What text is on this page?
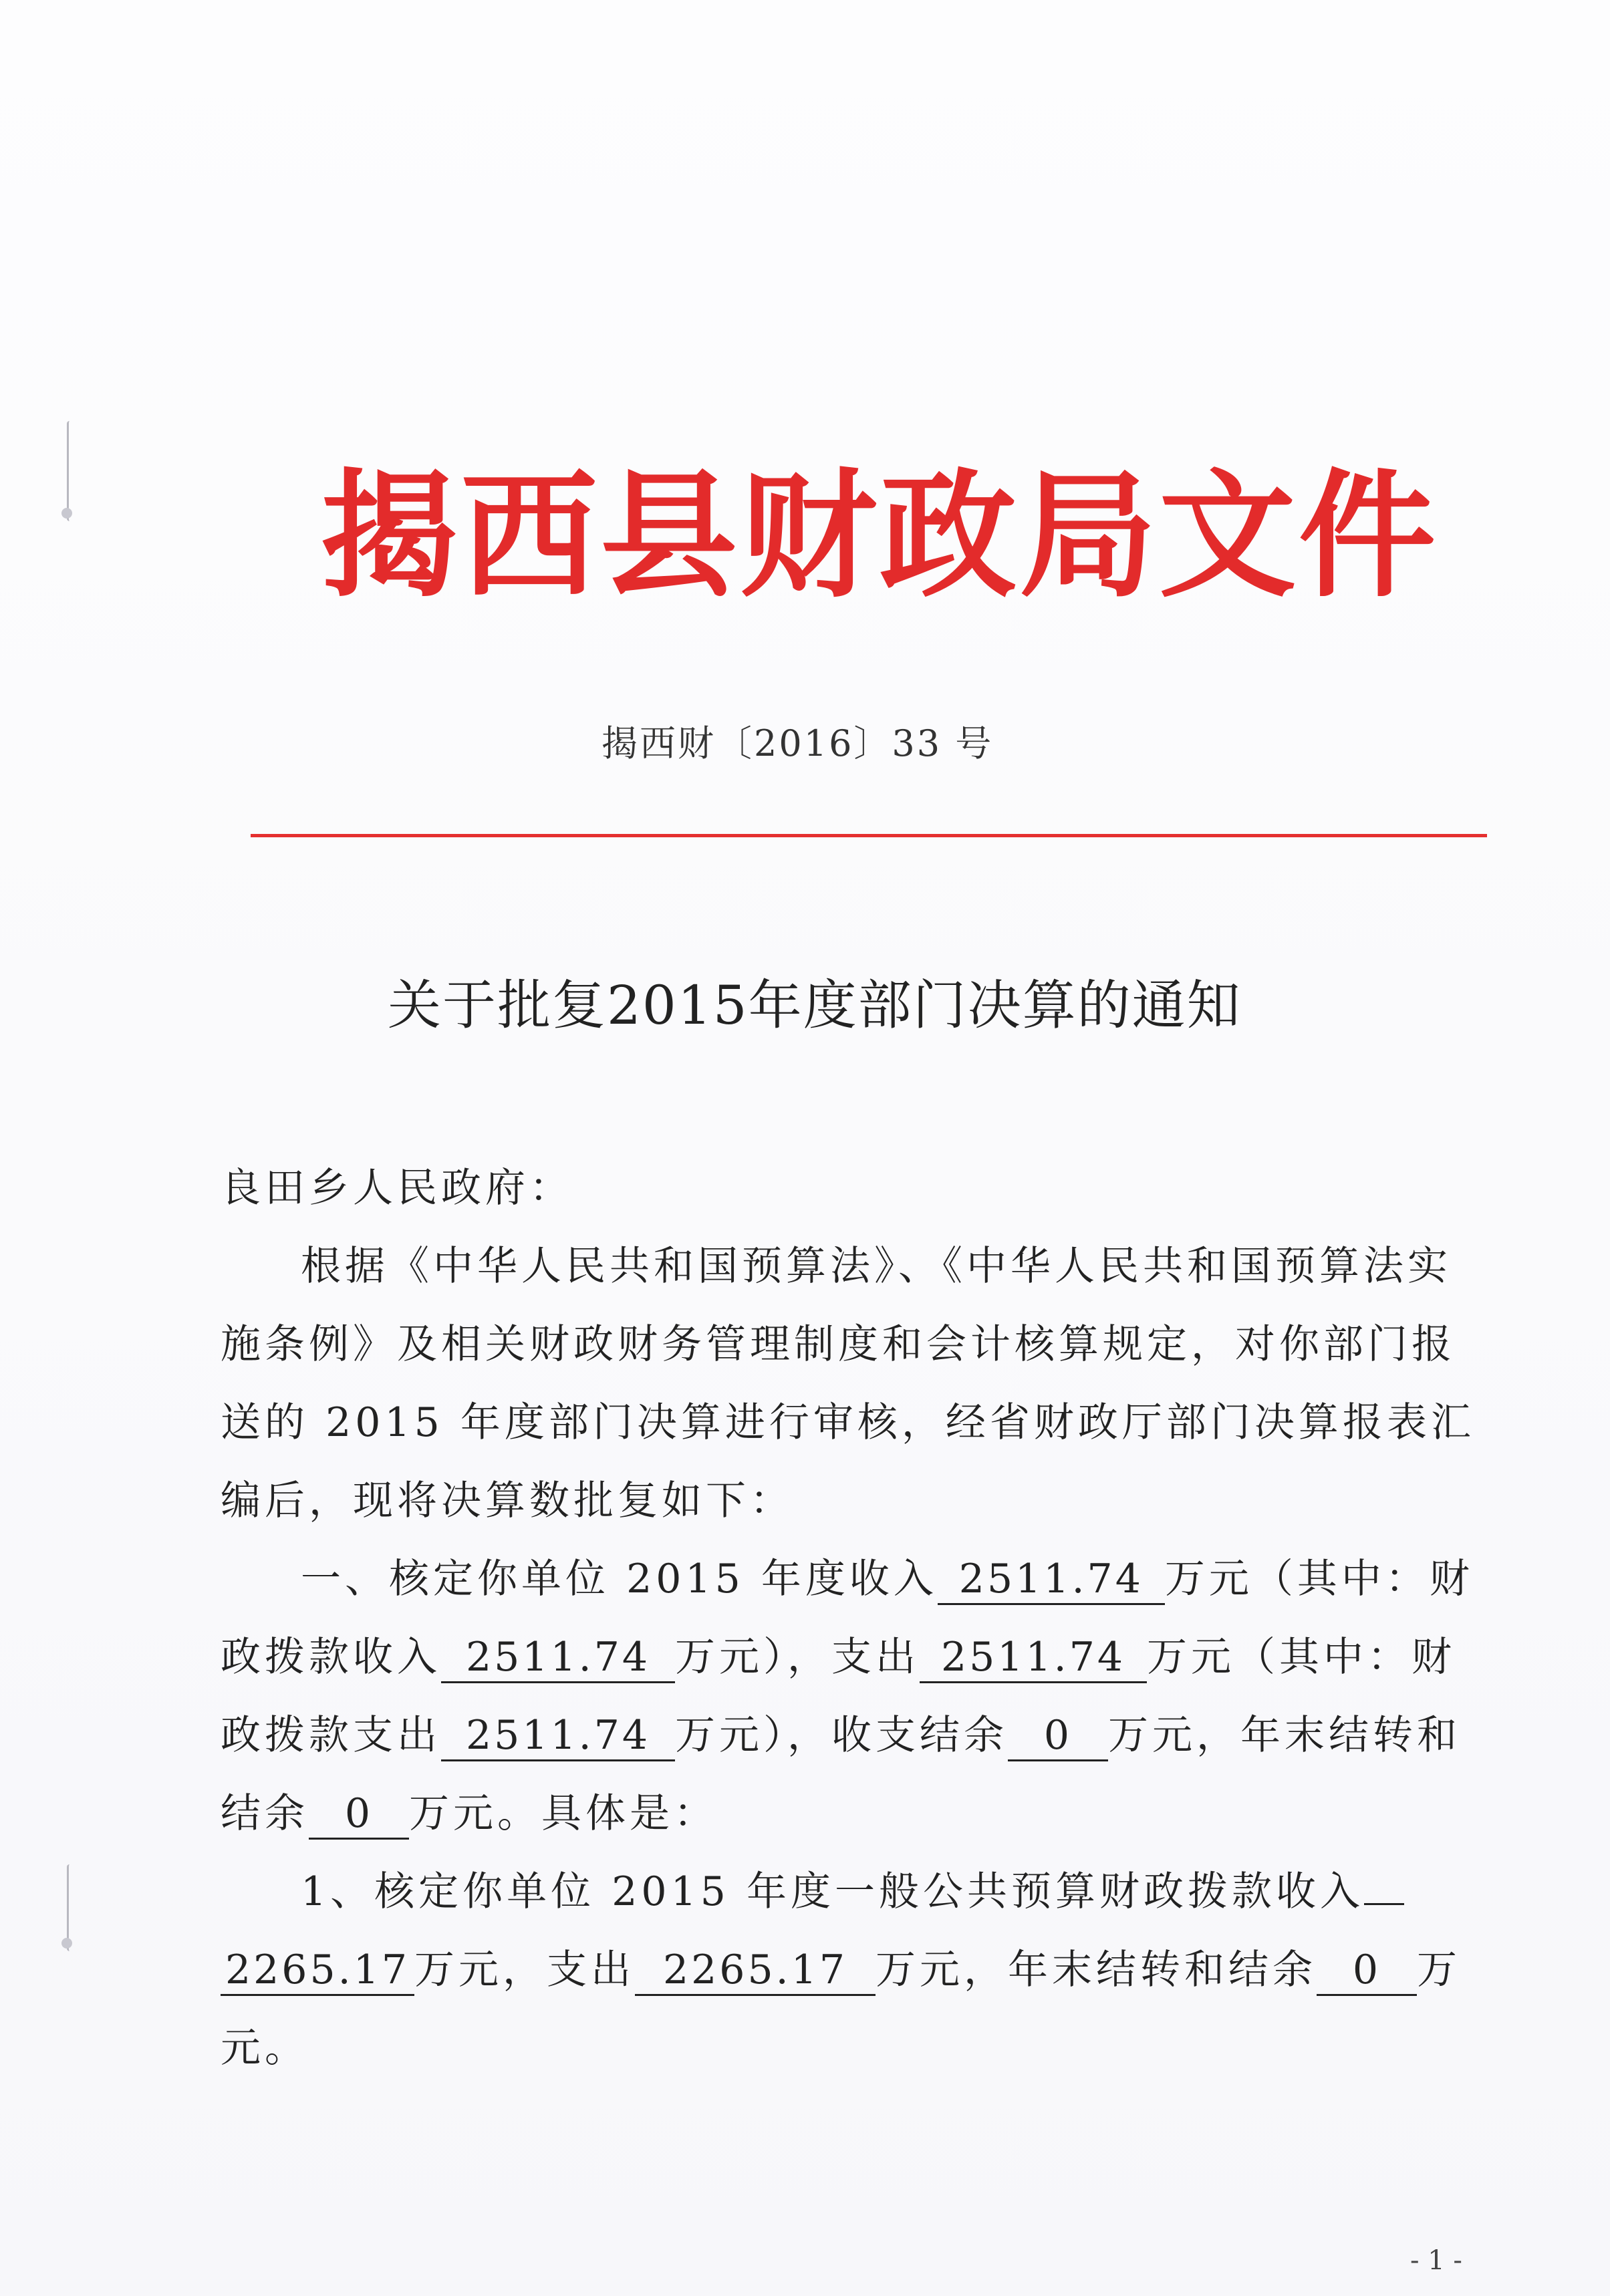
揭西县财政局文件
揭西财〔2016〕33 号
关于批复2015年度部门决算的通知

良田乡人民政府：

根据《中华人民共和国预算法》、《中华人民共和国预算法实

施条例》及相关财政财务管理制度和会计核算规定，对你部门报

送的 2015 年度部门决算进行审核，经省财政厅部门决算报表汇

编后，现将决算数批复如下：

一、核定你单位 2015 年度收入 2511.74 万元（其中：财

政拨款收入 2511.74 万元），支出 2511.74 万元（其中：财

政拨款支出 2511.74 万元），收支结余 0 万元，年末结转和

结余 0 万元。具体是：

1、核定你单位 2015 年度一般公共预算财政拨款收入

2265.17 万元，支出 2265.17 万元，年末结转和结余 0 万

元。

- 1 -
